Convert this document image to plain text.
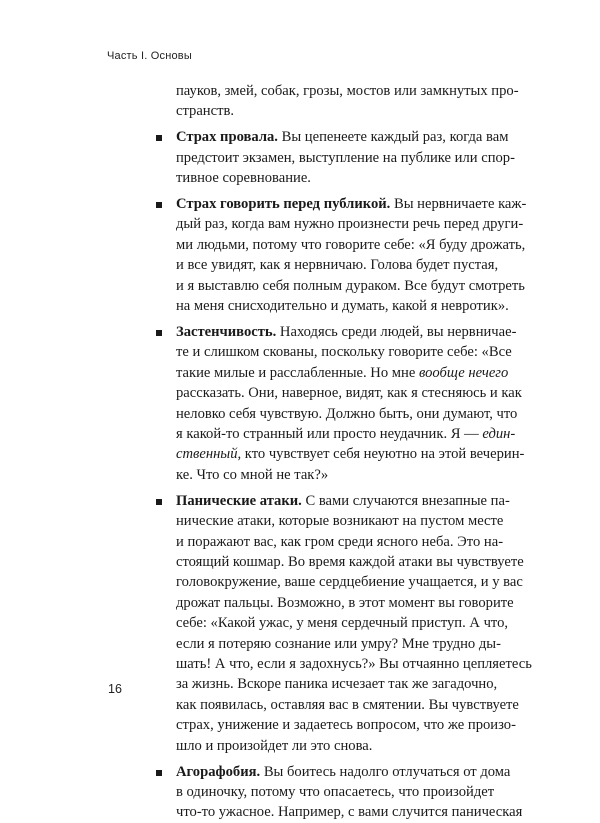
Часть I. Основы
пауков, змей, собак, грозы, мостов или замкнутых про-
странств.
Страх провала. Вы цепенеете каждый раз, когда вам
предстоит экзамен, выступление на публике или спор-
тивное соревнование.
Страх говорить перед публикой. Вы нервничаете каж-
дый раз, когда вам нужно произнести речь перед други-
ми людьми, потому что говорите себе: «Я буду дрожать,
и все увидят, как я нервничаю. Голова будет пустая,
и я выставлю себя полным дураком. Все будут смотреть
на меня снисходительно и думать, какой я невротик».
Застенчивость. Находясь среди людей, вы нервничае-
те и слишком скованы, поскольку говорите себе: «Все
такие милые и расслабленные. Но мне вообще нечего
рассказать. Они, наверное, видят, как я стесняюсь и как
неловко себя чувствую. Должно быть, они думают, что
я какой-то странный или просто неудачник. Я — един-
ственный, кто чувствует себя неуютно на этой вечерин-
ке. Что со мной не так?»
Панические атаки. С вами случаются внезапные па-
нические атаки, которые возникают на пустом месте
и поражают вас, как гром среди ясного неба. Это на-
стоящий кошмар. Во время каждой атаки вы чувствуете
головокружение, ваше сердцебиение учащается, и у вас
дрожат пальцы. Возможно, в этот момент вы говорите
себе: «Какой ужас, у меня сердечный приступ. А что,
если я потеряю сознание или умру? Мне трудно ды-
шать! А что, если я задохнусь?» Вы отчаянно цепляетесь
за жизнь. Вскоре паника исчезает так же загадочно,
как появилась, оставляя вас в смятении. Вы чувствуете
страх, унижение и задаетесь вопросом, что же произо-
шло и произойдет ли это снова.
Агорафобия. Вы боитесь надолго отлучаться от дома
в одиночку, потому что опасаетесь, что произойдет
что-то ужасное. Например, с вами случится паническая
16
